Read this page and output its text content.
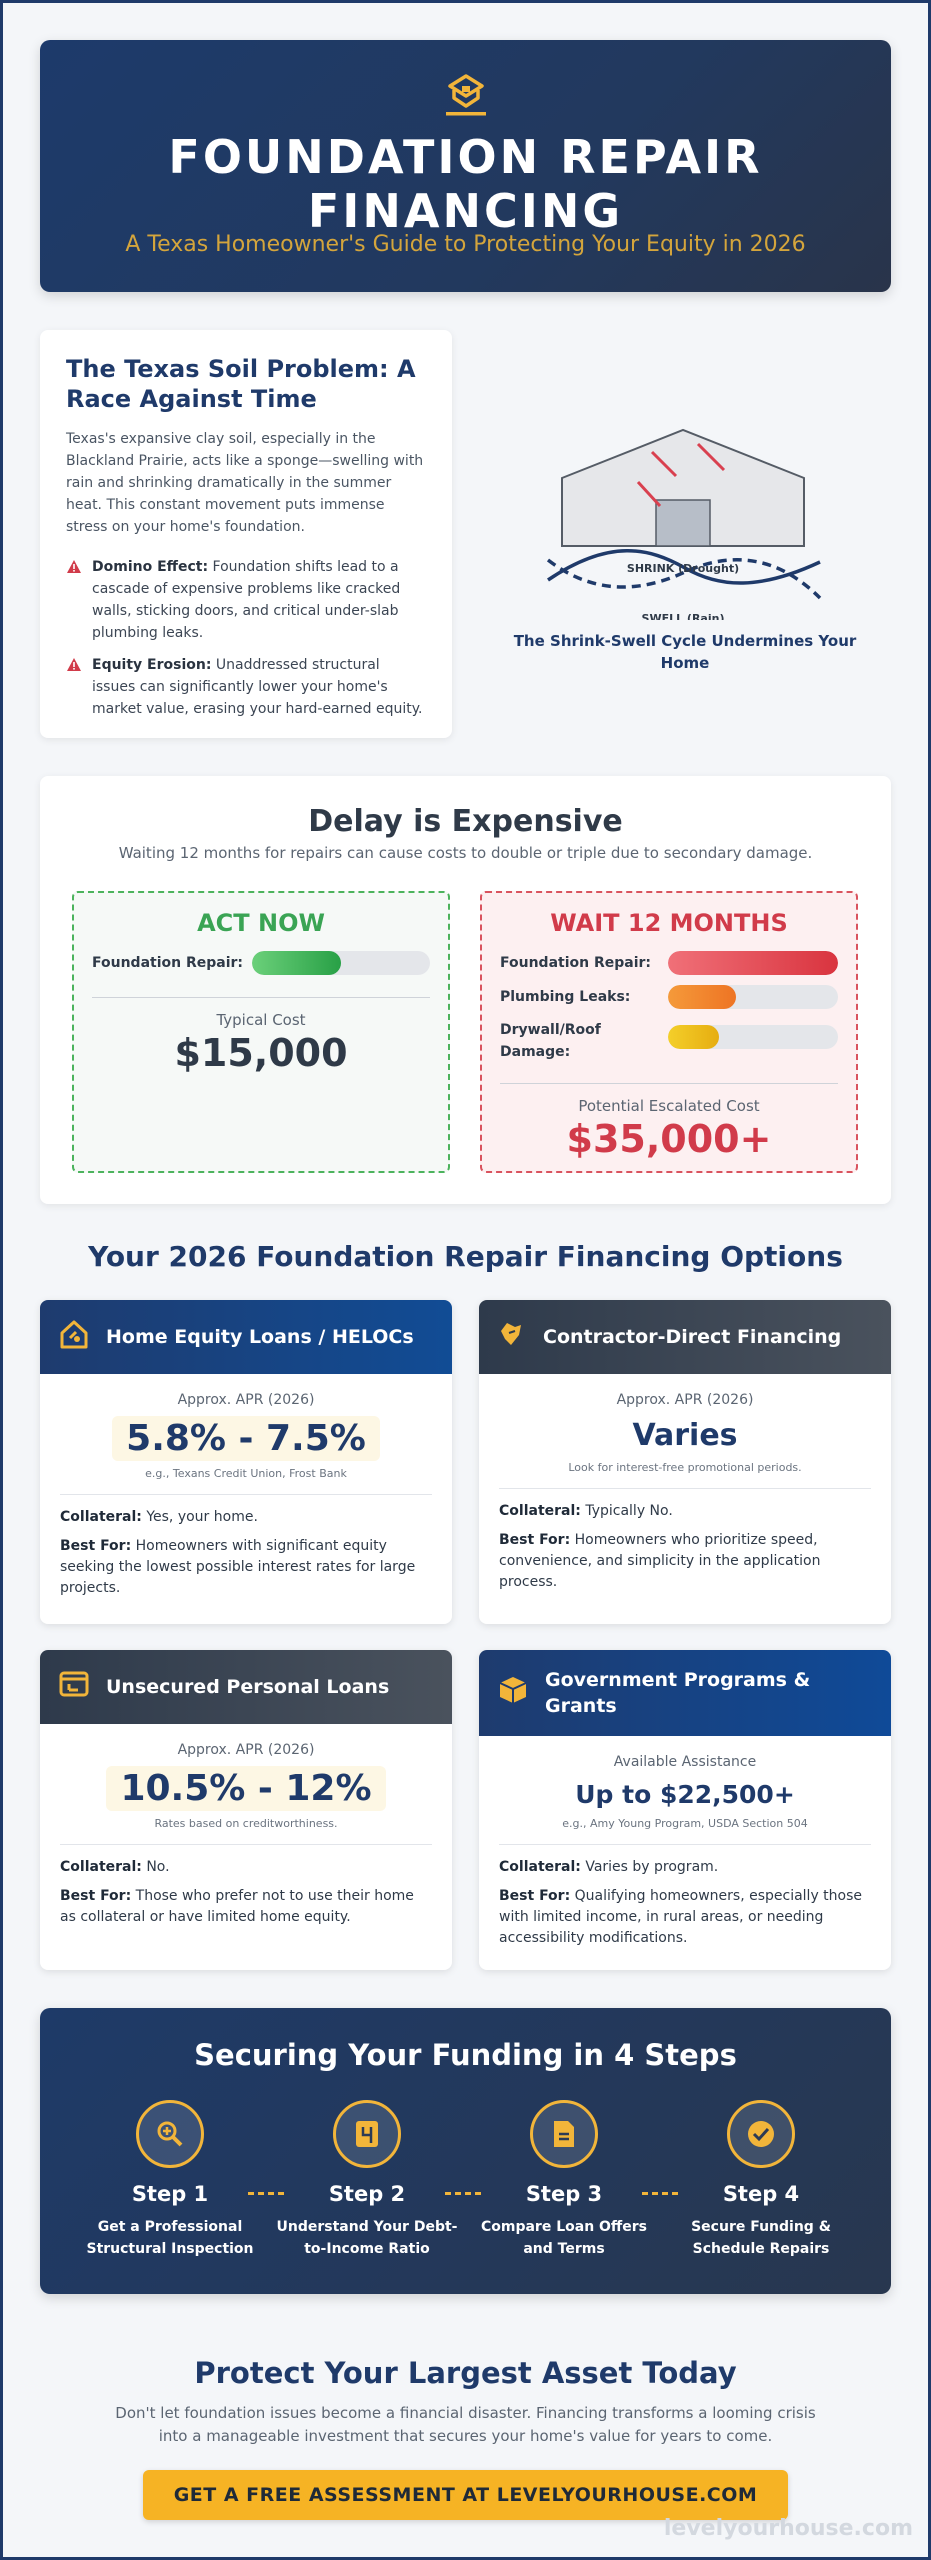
FOUNDATION REPAIR FINANCING
A Texas Homeowner's Guide to Protecting Your Equity in 2026
The Texas Soil Problem: A Race Against Time

Texas's expansive clay soil, especially in the Blackland Prairie, acts like a sponge—swelling with rain and shrinking dramatically in the summer heat. This constant movement puts immense stress on your home's foundation.

Domino Effect: Foundation shifts lead to a cascade of expensive problems like cracked walls, sticking doors, and critical under-slab plumbing leaks.
Equity Erosion: Unaddressed structural issues can significantly lower your home's market value, erasing your hard-earned equity.
SHRINK (Drought)
SWELL (Rain)
The Shrink-Swell Cycle Undermines Your Home
Delay is Expensive
Waiting 12 months for repairs can cause costs to double or triple due to secondary damage.
ACT NOW
Foundation Repair:
Typical Cost
$15,000
WAIT 12 MONTHS
Foundation Repair:
Plumbing Leaks:
Drywall/Roof Damage:
Potential Escalated Cost
$35,000+
Your 2026 Foundation Repair Financing Options
Home Equity Loans / HELOCs
Approx. APR (2026)
5.8% - 7.5%
e.g., Texans Credit Union, Frost Bank

Collateral: Yes, your home.

Best For: Homeowners with significant equity seeking the lowest possible interest rates for large projects.

Contractor-Direct Financing
Approx. APR (2026)
Varies
Look for interest-free promotional periods.

Collateral: Typically No.

Best For: Homeowners who prioritize speed, convenience, and simplicity in the application process.

Unsecured Personal Loans
Approx. APR (2026)
10.5% - 12%
Rates based on creditworthiness.

Collateral: No.

Best For: Those who prefer not to use their home as collateral or have limited home equity.

Government Programs & Grants
Available Assistance
Up to $22,500+
e.g., Amy Young Program, USDA Section 504

Collateral: Varies by program.

Best For: Qualifying homeowners, especially those with limited income, in rural areas, or needing accessibility modifications.

Securing Your Funding in 4 Steps
Step 1
Get a Professional Structural Inspection
Step 2
Understand Your Debt-to-Income Ratio
Step 3
Compare Loan Offers and Terms
Step 4
Secure Funding & Schedule Repairs
Protect Your Largest Asset Today
Don't let foundation issues become a financial disaster. Financing transforms a looming crisis into a manageable investment that secures your home's value for years to come.
GET A FREE ASSESSMENT AT LEVELYOURHOUSE.COM
levelyourhouse.com
